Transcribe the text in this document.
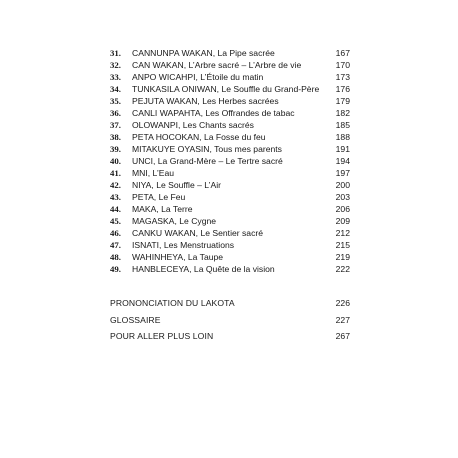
31.	CANNUNPA WAKAN, La Pipe sacrée	167
32.	CAN WAKAN, L’Arbre sacré – L’Arbre de vie	170
33.	ANPO WICAHPI, L’Étoile du matin	173
34.	TUNKASILA ONIWAN, Le Souffle du Grand-Père	176
35.	PEJUTA WAKAN, Les Herbes sacrées	179
36.	CANLI WAPAHTA, Les Offrandes de tabac	182
37.	OLOWANPI, Les Chants sacrés	185
38.	PETA HOCOKAN, La Fosse du feu	188
39.	MITAKUYE OYASIN, Tous mes parents	191
40.	UNCI, La Grand-Mère – Le Tertre sacré	194
41.	MNI, L’Eau	197
42.	NIYA, Le Souffle – L’Air	200
43.	PETA, Le Feu	203
44.	MAKA, La Terre	206
45.	MAGASKA, Le Cygne	209
46.	CANKU WAKAN, Le Sentier sacré	212
47.	ISNATI, Les Menstruations	215
48.	WAHINHEYA, La Taupe	219
49.	HANBLECEYA, La Quête de la vision	222
PRONONCIATION DU LAKOTA	226
GLOSSAIRE	227
POUR ALLER PLUS LOIN	267
